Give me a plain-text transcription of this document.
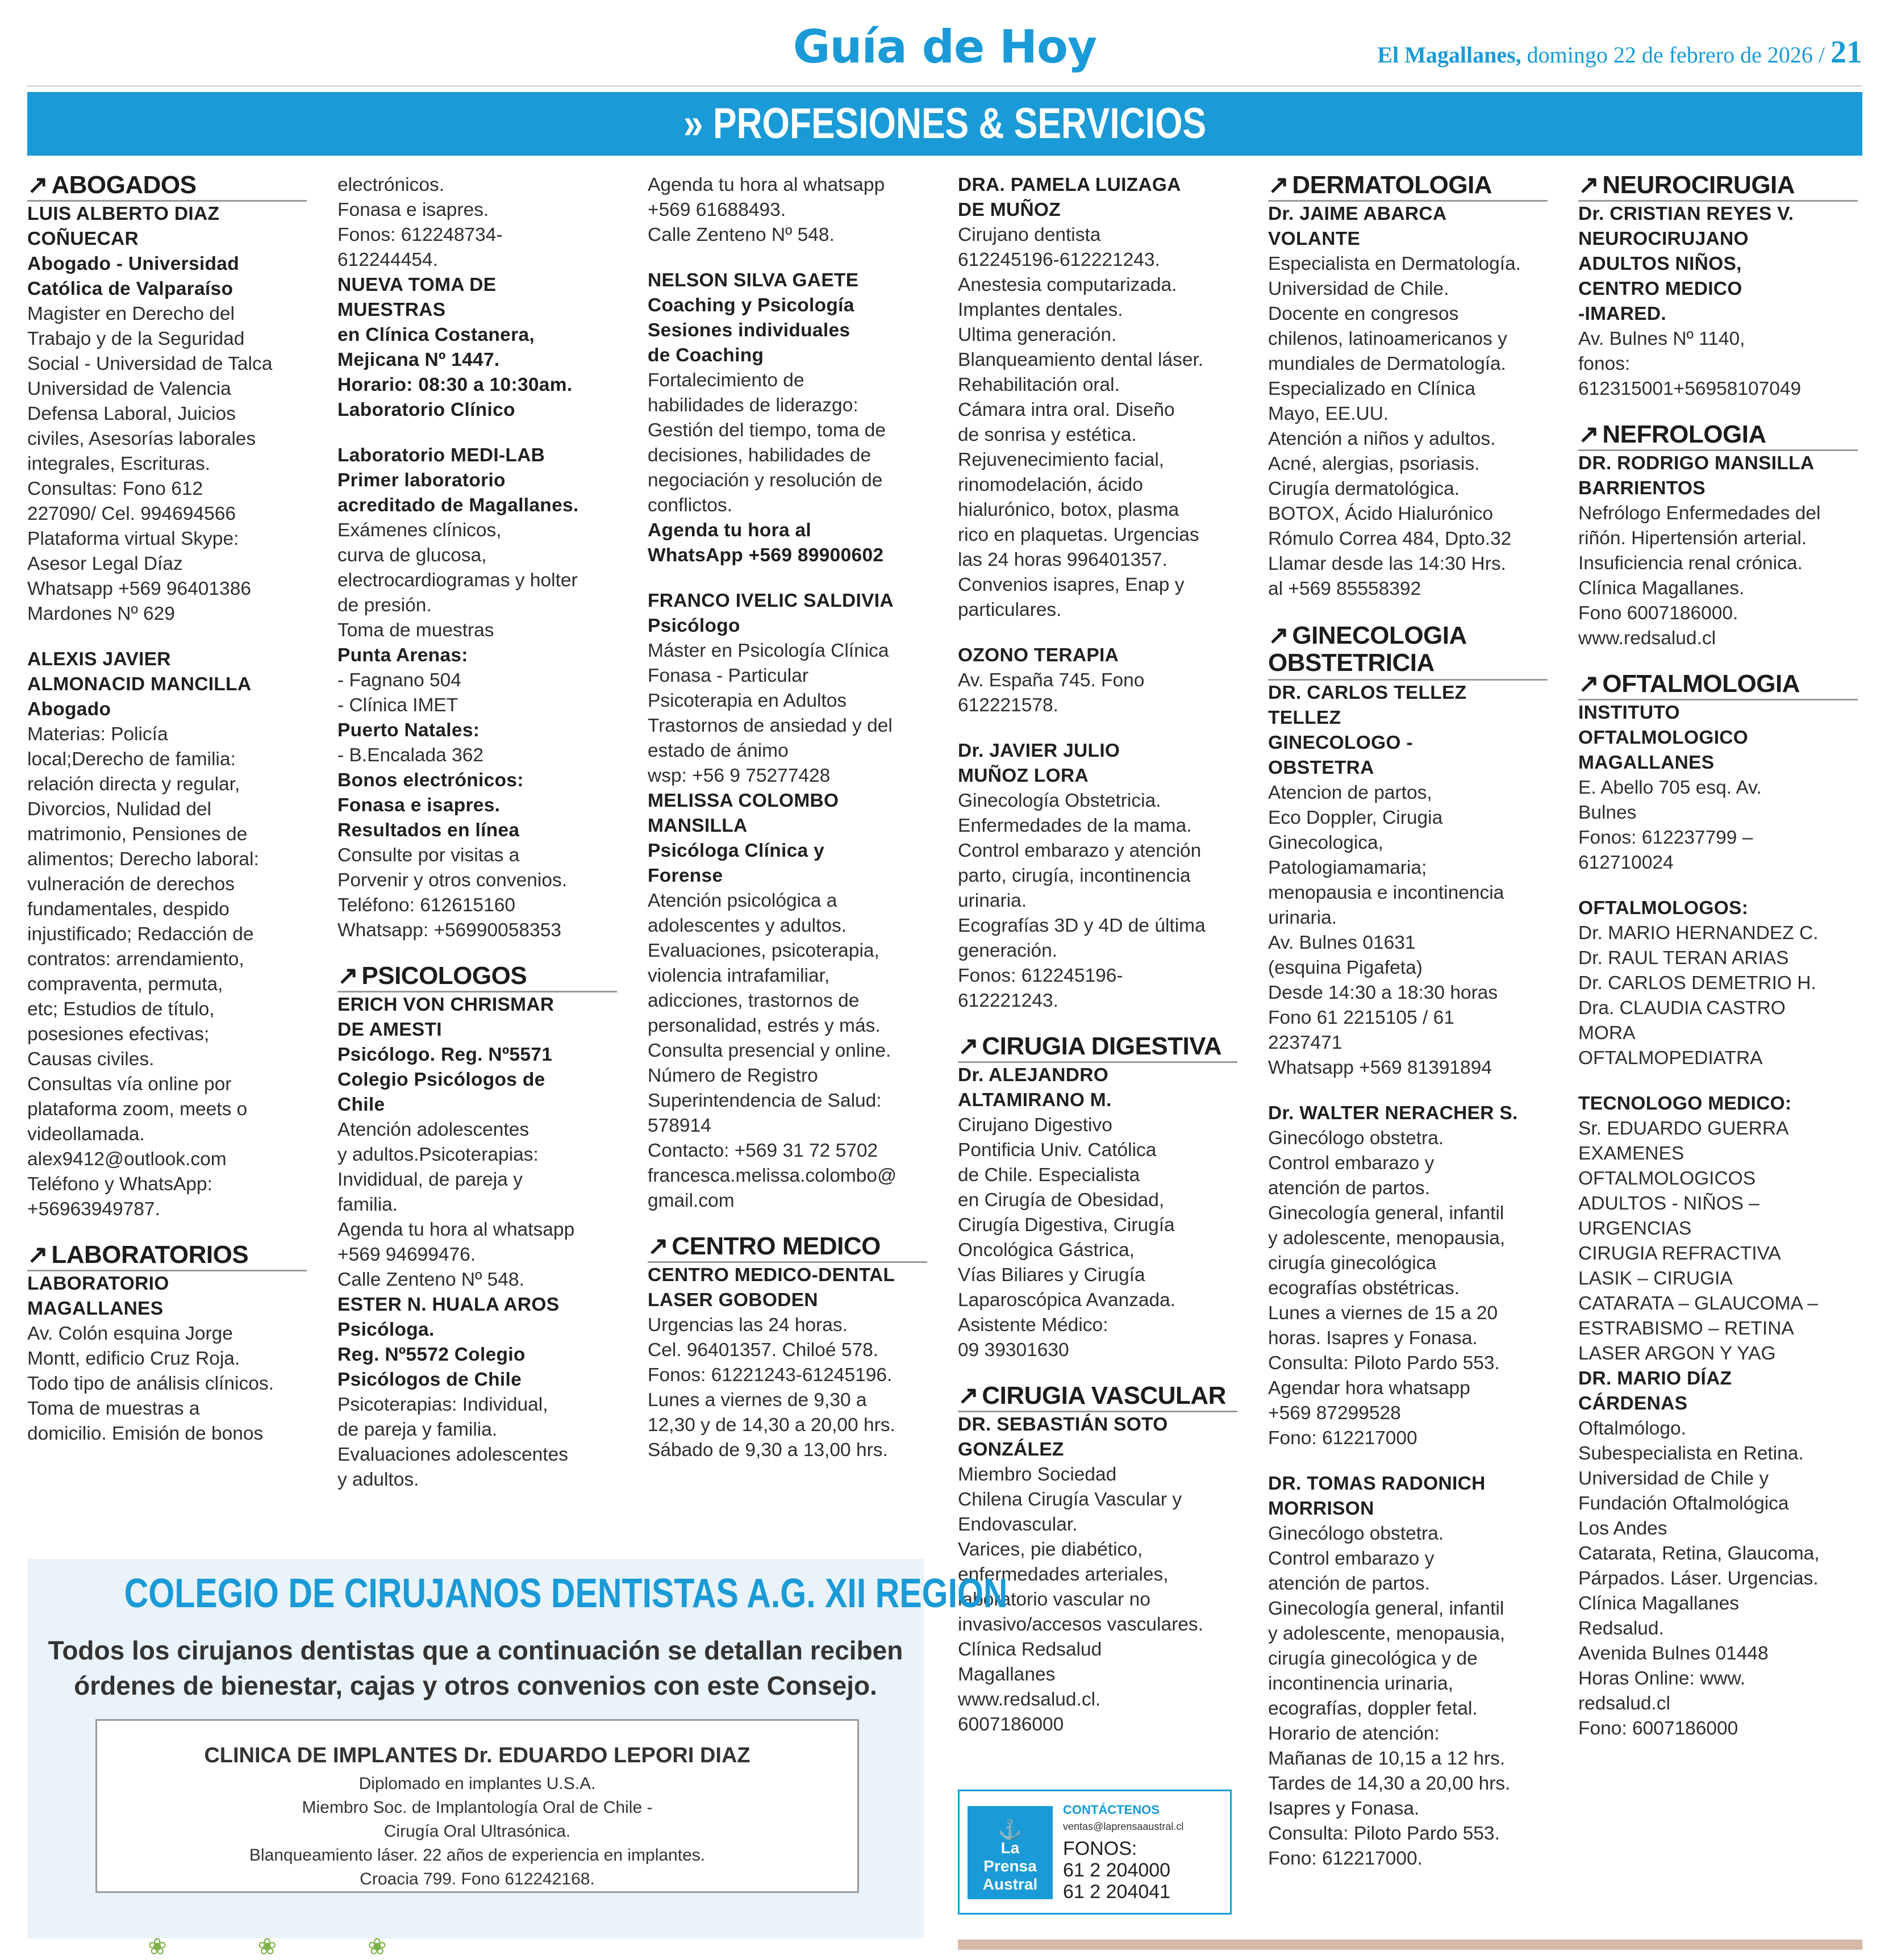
Guía de Hoy	El Magallanes, domingo 22 de febrero de 2026 / 21
» PROFESIONES & SERVICIOS
↗ ABOGADOS
LUIS ALBERTO DIAZ
COÑUECAR
Abogado - Universidad
Católica de Valparaíso
Magister en Derecho del
Trabajo y de la Seguridad
Social - Universidad de Talca
Universidad de Valencia
Defensa Laboral, Juicios
civiles, Asesorías laborales
integrales, Escrituras.
Consultas: Fono 612
227090/ Cel. 994694566
Plataforma virtual Skype:
Asesor Legal Díaz
Whatsapp +569 96401386
Mardones Nº 629
ALEXIS JAVIER
ALMONACID MANCILLA
Abogado
Materias: Policía
local;Derecho de familia:
relación directa y regular,
Divorcios, Nulidad del
matrimonio, Pensiones de
alimentos; Derecho laboral:
vulneración de derechos
fundamentales, despido
injustificado; Redacción de
contratos: arrendamiento,
compraventa, permuta,
etc; Estudios de título,
posesiones efectivas;
Causas civiles.
Consultas vía online por
plataforma zoom, meets o
videollamada.
alex9412@outlook.com
Teléfono y WhatsApp:
+56963949787.
↗ LABORATORIOS
LABORATORIO
MAGALLANES
Av. Colón esquina Jorge
Montt, edificio Cruz Roja.
Todo tipo de análisis clínicos.
Toma de muestras a
domicilio. Emisión de bonos
electrónicos.
Fonasa e isapres.
Fonos: 612248734-
612244454.
NUEVA TOMA DE
MUESTRAS
en Clínica Costanera,
Mejicana Nº 1447.
Horario: 08:30 a 10:30am.
Laboratorio Clínico
Laboratorio MEDI-LAB
Primer laboratorio
acreditado de Magallanes.
Exámenes clínicos,
curva de glucosa,
electrocardiogramas y holter
de presión.
Toma de muestras
Punta Arenas:
- Fagnano 504
- Clínica IMET
Puerto Natales:
- B.Encalada 362
Bonos electrónicos:
Fonasa e isapres.
Resultados en línea
Consulte por visitas a
Porvenir y otros convenios.
Teléfono: 612615160
Whatsapp: +56990058353
↗ PSICOLOGOS
ERICH VON CHRISMAR
DE AMESTI
Psicólogo. Reg. Nº5571
Colegio Psicólogos de
Chile
Atención adolescentes
y adultos.Psicoterapias:
Invididual, de pareja y
familia.
Agenda tu hora al whatsapp
+569 94699476.
Calle Zenteno Nº 548.
ESTER N. HUALA AROS
Psicóloga.
Reg. Nº5572 Colegio
Psicólogos de Chile
Psicoterapias: Individual,
de pareja y familia.
Evaluaciones adolescentes
y adultos.
Agenda tu hora al whatsapp
+569 61688493.
Calle Zenteno Nº 548.
NELSON SILVA GAETE
Coaching y Psicología
Sesiones individuales
de Coaching
Fortalecimiento de
habilidades de liderazgo:
Gestión del tiempo, toma de
decisiones, habilidades de
negociación y resolución de
conflictos.
Agenda tu hora al
WhatsApp +569 89900602
FRANCO IVELIC SALDIVIA
Psicólogo
Máster en Psicología Clínica
Fonasa - Particular
Psicoterapia en Adultos
Trastornos de ansiedad y del
estado de ánimo
wsp: +56 9 75277428
MELISSA COLOMBO
MANSILLA
Psicóloga Clínica y
Forense
Atención psicológica a
adolescentes y adultos.
Evaluaciones, psicoterapia,
violencia intrafamiliar,
adicciones, trastornos de
personalidad, estrés y más.
Consulta presencial y online.
Número de Registro
Superintendencia de Salud:
578914
Contacto: +569 31 72 5702
francesca.melissa.colombo@
gmail.com
↗ CENTRO MEDICO
CENTRO MEDICO-DENTAL
LASER GOBODEN
Urgencias las 24 horas.
Cel. 96401357. Chiloé 578.
Fonos: 61221243-61245196.
Lunes a viernes de 9,30 a
12,30 y de 14,30 a 20,00 hrs.
Sábado de 9,30 a 13,00 hrs.
DRA. PAMELA LUIZAGA
DE MUÑOZ
Cirujano dentista
612245196-612221243.
Anestesia computarizada.
Implantes dentales.
Ultima generación.
Blanqueamiento dental láser.
Rehabilitación oral.
Cámara intra oral. Diseño
de sonrisa y estética.
Rejuvenecimiento facial,
rinomodelación, ácido
hialurónico, botox, plasma
rico en plaquetas. Urgencias
las 24 horas 996401357.
Convenios isapres, Enap y
particulares.
OZONO TERAPIA
Av. España 745. Fono
612221578.
Dr. JAVIER JULIO
MUÑOZ LORA
Ginecología Obstetricia.
Enfermedades de la mama.
Control embarazo y atención
parto, cirugía, incontinencia
urinaria.
Ecografías 3D y 4D de última
generación.
Fonos: 612245196-
612221243.
↗ CIRUGIA DIGESTIVA
Dr. ALEJANDRO
ALTAMIRANO M.
Cirujano Digestivo
Pontificia Univ. Católica
de Chile. Especialista
en Cirugía de Obesidad,
Cirugía Digestiva, Cirugía
Oncológica Gástrica,
Vías Biliares y Cirugía
Laparoscópica Avanzada.
Asistente Médico:
09 39301630
↗ CIRUGIA VASCULAR
DR. SEBASTIÁN SOTO
GONZÁLEZ
Miembro Sociedad
Chilena Cirugía Vascular y
Endovascular.
Varices, pie diabético,
enfermedades arteriales,
laboratorio vascular no
invasivo/accesos vasculares.
Clínica Redsalud
Magallanes
www.redsalud.cl.
6007186000
↗ DERMATOLOGIA
Dr. JAIME ABARCA
VOLANTE
Especialista en Dermatología.
Universidad de Chile.
Docente en congresos
chilenos, latinoamericanos y
mundiales de Dermatología.
Especializado en Clínica
Mayo, EE.UU.
Atención a niños y adultos.
Acné, alergias, psoriasis.
Cirugía dermatológica.
BOTOX, Ácido Hialurónico
Rómulo Correa 484, Dpto.32
Llamar desde las 14:30 Hrs.
al +569 85558392
↗ GINECOLOGIA
OBSTETRICIA
DR. CARLOS TELLEZ
TELLEZ
GINECOLOGO -
OBSTETRA
Atencion de partos,
Eco Doppler, Cirugia
Ginecologica,
Patologiamamaria;
menopausia e incontinencia
urinaria.
Av. Bulnes 01631
(esquina Pigafeta)
Desde 14:30 a 18:30 horas
Fono 61 2215105 / 61
2237471
Whatsapp +569 81391894
Dr. WALTER NERACHER S.
Ginecólogo obstetra.
Control embarazo y
atención de partos.
Ginecología general, infantil
y adolescente, menopausia,
cirugía ginecológica
ecografías obstétricas.
Lunes a viernes de 15 a 20
horas. Isapres y Fonasa.
Consulta: Piloto Pardo 553.
Agendar hora whatsapp
+569 87299528
Fono: 612217000
DR. TOMAS RADONICH
MORRISON
Ginecólogo obstetra.
Control embarazo y
atención de partos.
Ginecología general, infantil
y adolescente, menopausia,
cirugía ginecológica y de
incontinencia urinaria,
ecografías, doppler fetal.
Horario de atención:
Mañanas de 10,15 a 12 hrs.
Tardes de 14,30 a 20,00 hrs.
Isapres y Fonasa.
Consulta: Piloto Pardo 553.
Fono: 612217000.
↗ NEUROCIRUGIA
Dr. CRISTIAN REYES V.
NEUROCIRUJANO
ADULTOS NIÑOS,
CENTRO MEDICO
-IMARED.
Av. Bulnes Nº 1140,
fonos:
612315001+56958107049
↗ NEFROLOGIA
DR. RODRIGO MANSILLA
BARRIENTOS
Nefrólogo Enfermedades del
riñón. Hipertensión arterial.
Insuficiencia renal crónica.
Clínica Magallanes.
Fono 6007186000.
www.redsalud.cl
↗ OFTALMOLOGIA
INSTITUTO
OFTALMOLOGICO
MAGALLANES
E. Abello 705 esq. Av.
Bulnes
Fonos: 612237799 –
612710024
OFTALMOLOGOS:
Dr. MARIO HERNANDEZ C.
Dr. RAUL TERAN ARIAS
Dr. CARLOS DEMETRIO H.
Dra. CLAUDIA CASTRO
MORA
OFTALMOPEDIATRA
TECNOLOGO MEDICO:
Sr. EDUARDO GUERRA
EXAMENES
OFTALMOLOGICOS
ADULTOS - NIÑOS –
URGENCIAS
CIRUGIA REFRACTIVA
LASIK – CIRUGIA
CATARATA – GLAUCOMA –
ESTRABISMO – RETINA
LASER ARGON Y YAG
DR. MARIO DÍAZ
CÁRDENAS
Oftalmólogo.
Subespecialista en Retina.
Universidad de Chile y
Fundación Oftalmológica
Los Andes
Catarata, Retina, Glaucoma,
Párpados. Láser. Urgencias.
Clínica Magallanes
Redsalud.
Avenida Bulnes 01448
Horas Online: www.
redsalud.cl
Fono: 6007186000
COLEGIO DE CIRUJANOS DENTISTAS A.G. XII REGION
Todos los cirujanos dentistas que a continuación se detallan reciben
órdenes de bienestar, cajas y otros convenios con este Consejo.
CLINICA DE IMPLANTES Dr. EDUARDO LEPORI DIAZ
Diplomado en implantes U.S.A.
Miembro Soc. de Implantología Oral de Chile -
Cirugía Oral Ultrasónica.
Blanqueamiento láser. 22 años de experiencia en implantes.
Croacia 799. Fono 612242168.
⚓
La
Prensa
Austral
CONTÁCTENOS
ventas@laprensaaustral.cl
FONOS:
61 2 204000
61 2 204041
❀❀❀
